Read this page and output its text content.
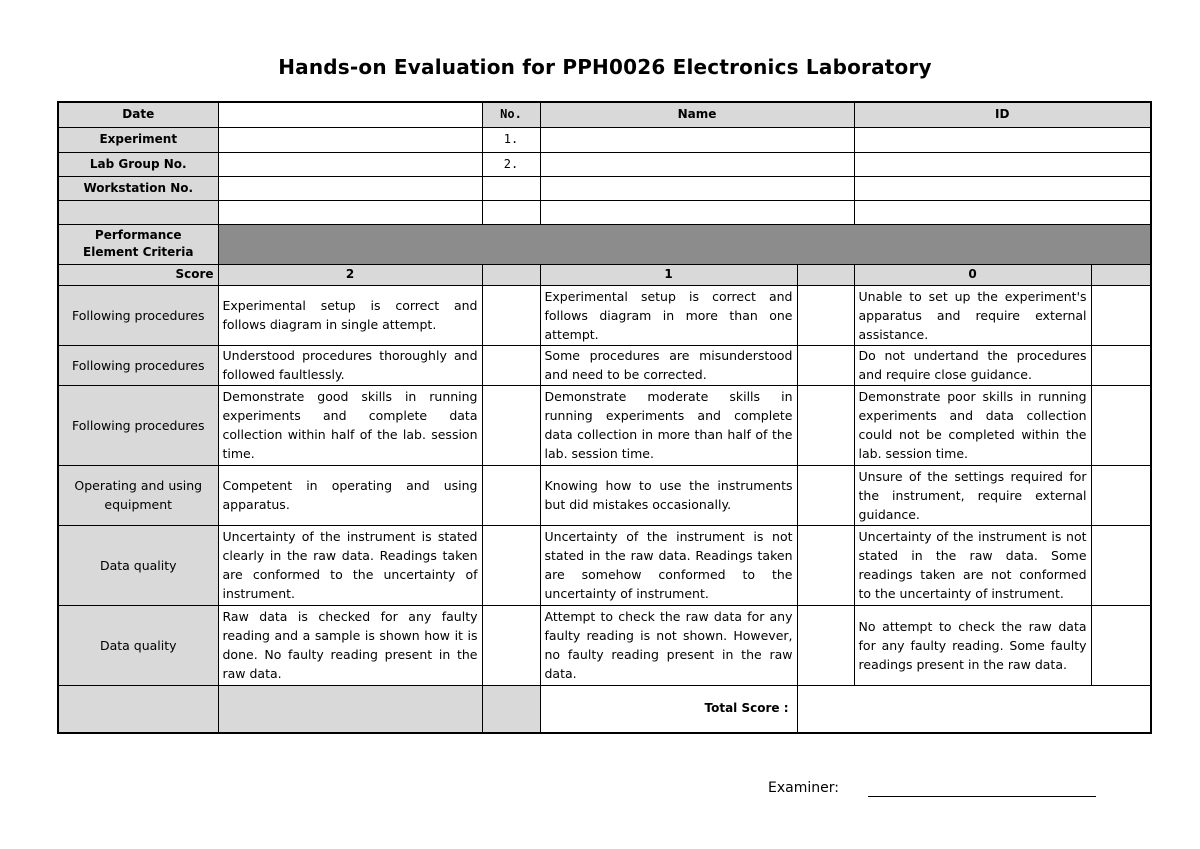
Hands-on Evaluation for PPH0026 Electronics Laboratory
Date		No.	Name		ID	
Experiment		1.				
Lab Group No.		2.				
Workstation No.						

Performance
Element Criteria						

Score	2		1		0	
Following procedures	Experimental setup is correct and follows diagram in single attempt.		Experimental setup is correct and follows diagram in more than one attempt.		Unable to set up the experiment's apparatus and require external assistance.	
Following procedures	Understood procedures thoroughly and followed faultlessly.		Some procedures are misunderstood and need to be corrected.		Do not undertand the procedures and require close guidance.	
Following procedures	Demonstrate good skills in running experiments and complete data collection within half of the lab. session time.		Demonstrate moderate skills in running experiments and complete data collection in more than half of the lab. session time.		Demonstrate poor skills in running experiments and data collection could not be completed within the lab. session time.	
Operating and using equipment	Competent in operating and using apparatus.		Knowing how to use the instruments but did mistakes occasionally.		Unsure of the settings required for the instrument, require external guidance.	
Data quality	Uncertainty of the instrument is stated clearly in the raw data. Readings taken are conformed to the uncertainty of instrument.		Uncertainty of the instrument is not stated in the raw data. Readings taken are somehow conformed to the uncertainty of instrument.		Uncertainty of the instrument is not stated in the raw data. Some readings taken are not conformed to the uncertainty of instrument.	
Data quality	Raw data is checked for any faulty reading and a sample is shown how it is done. No faulty reading present in the raw data.		Attempt to check the raw data for any faulty reading is not shown. However, no faulty reading present in the raw data.		No attempt to check the raw data for any faulty reading. Some faulty readings present in the raw data.	
			Total Score :			
Examiner:
